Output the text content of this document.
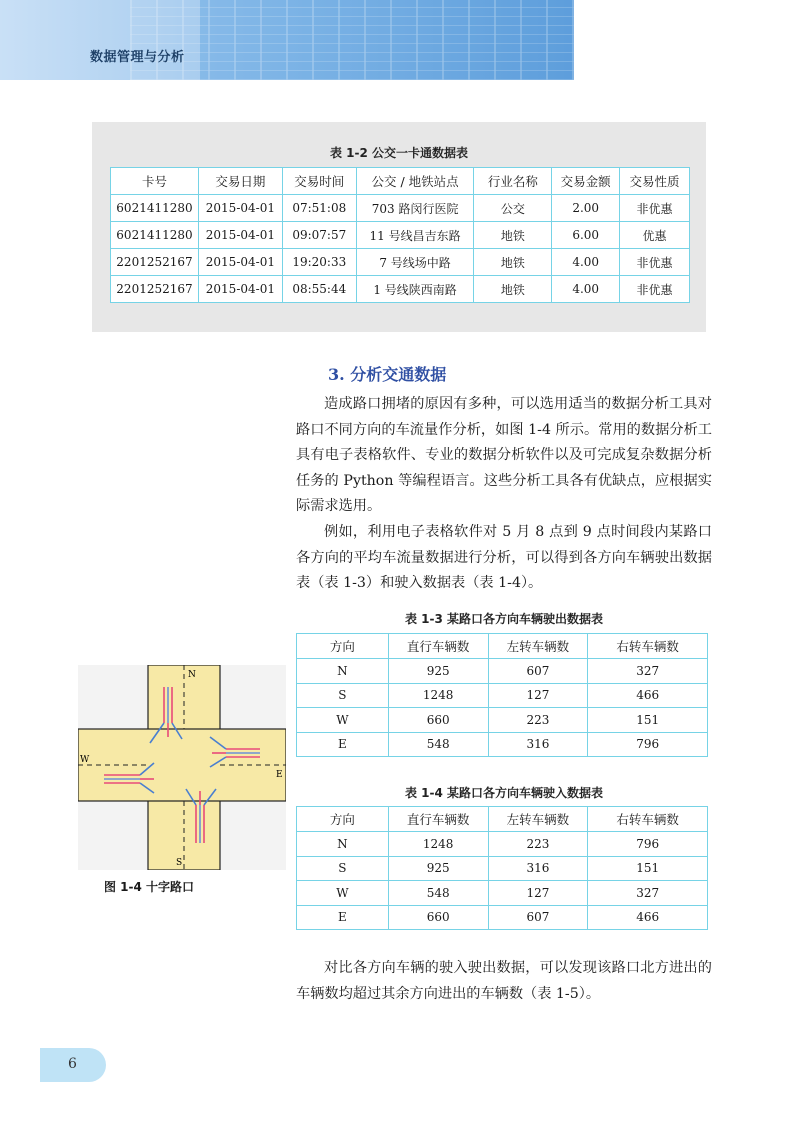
数据管理与分析
表 1-2 公交一卡通数据表
卡号	交易日期	交易时间	公交 / 地铁站点	行业名称	交易金额	交易性质
6021411280	2015-04-01	07:51:08	703 路闵行医院	公交	2.00	非优惠
6021411280	2015-04-01	09:07:57	11 号线昌吉东路	地铁	6.00	优惠
2201252167	2015-04-01	19:20:33	7 号线场中路	地铁	4.00	非优惠
2201252167	2015-04-01	08:55:44	1 号线陕西南路	地铁	4.00	非优惠
3. 分析交通数据
造成路口拥堵的原因有多种，可以选用适当的数据分析工具对路口不同方向的车流量作分析，如图 1-4 所示。常用的数据分析工具有电子表格软件、专业的数据分析软件以及可完成复杂数据分析任务的 Python 等编程语言。这些分析工具各有优缺点，应根据实际需求选用。
例如，利用电子表格软件对 5 月 8 点到 9 点时间段内某路口各方向的平均车流量数据进行分析，可以得到各方向车辆驶出数据表（表 1-3）和驶入数据表（表 1-4）。
表 1-3 某路口各方向车辆驶出数据表
方向	直行车辆数	左转车辆数	右转车辆数
N	925	607	327
S	1248	127	466
W	660	223	151
E	548	316	796
表 1-4 某路口各方向车辆驶入数据表
方向	直行车辆数	左转车辆数	右转车辆数
N	1248	223	796
S	925	316	151
W	548	127	327
E	660	607	466
N
S
W
E
图 1-4 十字路口
对比各方向车辆的驶入驶出数据，可以发现该路口北方进出的车辆数均超过其余方向进出的车辆数（表 1-5）。
6
